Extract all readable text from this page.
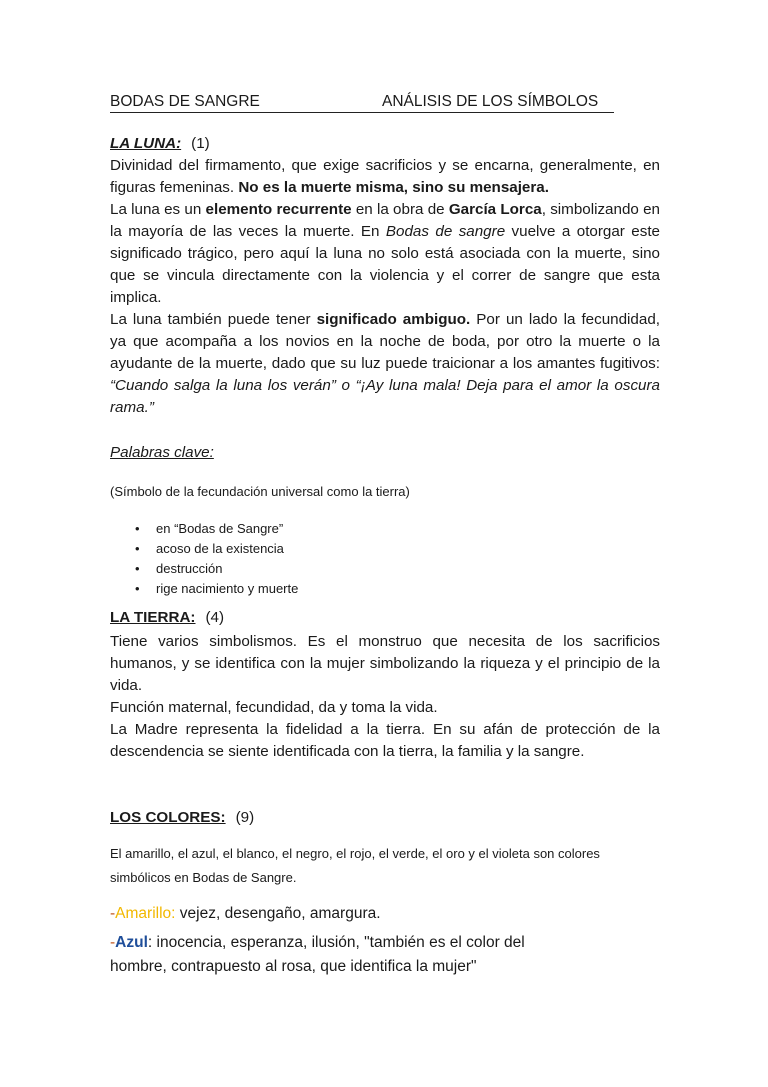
BODAS DE SANGRE	ANÁLISIS DE LOS SÍMBOLOS
LA LUNA: (1)
Divinidad del firmamento, que exige sacrificios y se encarna, generalmente, en figuras femeninas. No es la muerte misma, sino su mensajera.
La luna es un elemento recurrente en la obra de García Lorca, simbolizando en la mayoría de las veces la muerte. En Bodas de sangre vuelve a otorgar este significado trágico, pero aquí la luna no solo está asociada con la muerte, sino que se vincula directamente con la violencia y el correr de sangre que esta implica.
La luna también puede tener significado ambiguo. Por un lado la fecundidad, ya que acompaña a los novios en la noche de boda, por otro la muerte o la ayudante de la muerte, dado que su luz puede traicionar a los amantes fugitivos: “Cuando salga la luna los verán” o “¡Ay luna mala! Deja para el amor la oscura rama.”
Palabras clave:
(Símbolo de la fecundación universal como la tierra)
• en “Bodas de Sangre”
• acoso de la existencia
• destrucción
• rige nacimiento y muerte
LA TIERRA: (4)
Tiene varios simbolismos. Es el monstruo que necesita de los sacrificios humanos, y se identifica con la mujer simbolizando la riqueza y el principio de la vida.
Función maternal, fecundidad, da y toma la vida.
La Madre representa la fidelidad a la tierra. En su afán de protección de la descendencia se siente identificada con la tierra, la familia y la sangre.
LOS COLORES: (9)
El amarillo, el azul, el blanco, el negro, el rojo, el verde, el oro y el violeta son colores
simbólicos en Bodas de Sangre.
-Amarillo: vejez, desengaño, amargura.
-Azul: inocencia, esperanza, ilusión, "también es el color del
hombre, contrapuesto al rosa, que identifica la mujer"
